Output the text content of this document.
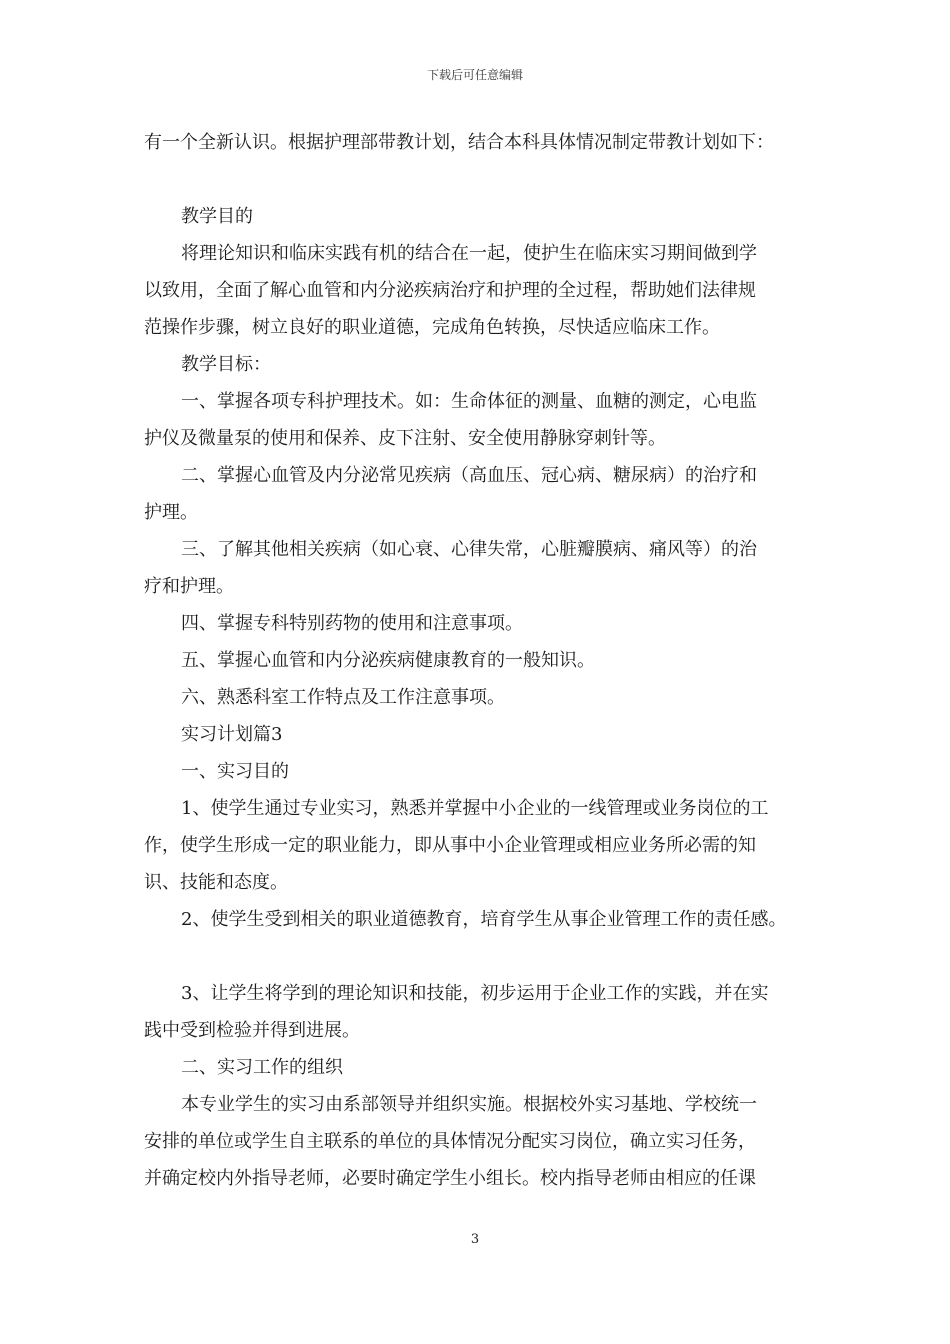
下载后可任意编辑
有一个全新认识。根据护理部带教计划，结合本科具体情况制定带教计划如下：
教学目的
将理论知识和临床实践有机的结合在一起，使护生在临床实习期间做到学
以致用，全面了解心血管和内分泌疾病治疗和护理的全过程，帮助她们法律规
范操作步骤，树立良好的职业道德，完成角色转换，尽快适应临床工作。
教学目标：
一、掌握各项专科护理技术。如：生命体征的测量、血糖的测定，心电监
护仪及微量泵的使用和保养、皮下注射、安全使用静脉穿刺针等。
二、掌握心血管及内分泌常见疾病（高血压、冠心病、糖尿病）的治疗和
护理。
三、了解其他相关疾病（如心衰、心律失常，心脏瓣膜病、痛风等）的治
疗和护理。
四、掌握专科特别药物的使用和注意事项。
五、掌握心血管和内分泌疾病健康教育的一般知识。
六、熟悉科室工作特点及工作注意事项。
实习计划篇3
一、实习目的
1、使学生通过专业实习，熟悉并掌握中小企业的一线管理或业务岗位的工
作，使学生形成一定的职业能力，即从事中小企业管理或相应业务所必需的知
识、技能和态度。
2、使学生受到相关的职业道德教育，培育学生从事企业管理工作的责任感。
3、让学生将学到的理论知识和技能，初步运用于企业工作的实践，并在实
践中受到检验并得到进展。
二、实习工作的组织
本专业学生的实习由系部领导并组织实施。根据校外实习基地、学校统一
安排的单位或学生自主联系的单位的具体情况分配实习岗位，确立实习任务，
并确定校内外指导老师，必要时确定学生小组长。校内指导老师由相应的任课
3
